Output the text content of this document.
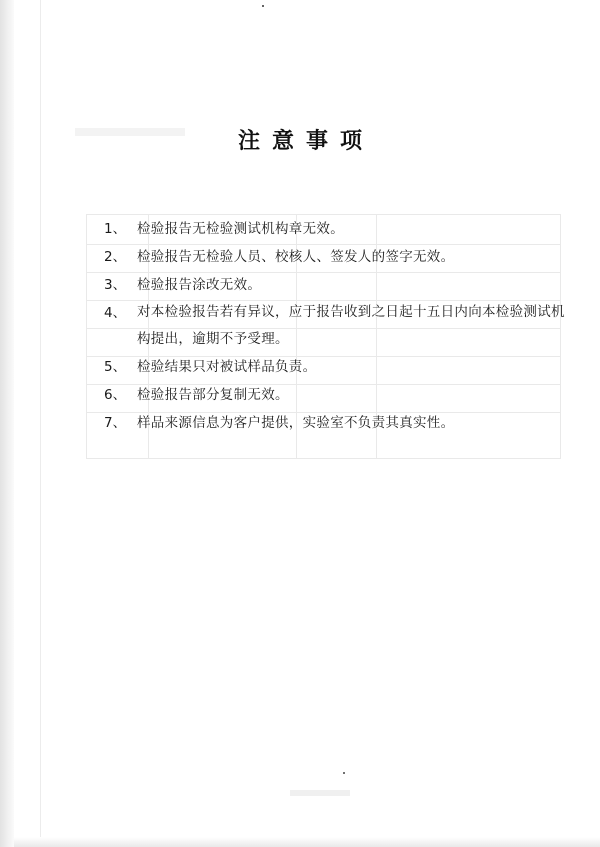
注意事项
1、 检验报告无检验测试机构章无效。
2、 检验报告无检验人员、校核人、签发人的签字无效。
3、 检验报告涂改无效。
4、 对本检验报告若有异议，应于报告收到之日起十五日内向本检验测试机构提出，逾期不予受理。
5、 检验结果只对被试样品负责。
6、 检验报告部分复制无效。
7、 样品来源信息为客户提供，实验室不负责其真实性。
